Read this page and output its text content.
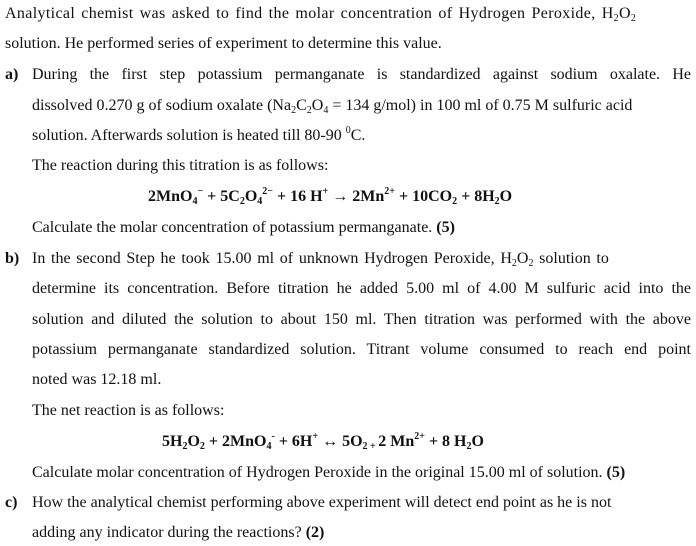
Analytical chemist was asked to find the molar concentration of Hydrogen Peroxide, $H_2O_2$
solution. He performed series of experiment to determine this value.
a) During the first step potassium permanganate is standardized against sodium oxalate. He
dissolved 0.270 g of sodium oxalate ($Na_2C_2O_4 = 134$ g/mol) in 100 ml of 0.75 M sulfuric acid
solution. Afterwards solution is heated till 80-90 $^0$C.
The reaction during this titration is as follows:
$2MnO_4^- + 5C_2O_4^{2-} + 16$ $H^+ \to 2Mn^{2+} + 10CO_2 + 8H_2O$
Calculate the molar concentration of potassium permanganate. (5)
b) In the second Step he took 15.00 ml of unknown Hydrogen Peroxide, $H_2O_2$ solution to
determine its concentration. Before titration he added 5.00 ml of 4.00 M sulfuric acid into the
solution and diluted the solution to about 150 ml. Then titration was performed with the above
potassium permanganate standardized solution. Titrant volume consumed to reach end point
noted was 12.18 ml.
The net reaction is as follows:
$5H_2O_2 + 2MnO_4^- + 6H^+$ ↔ $5O_2$ $_+$ 2 $Mn^{2+} + 8$ $H_2O$
Calculate molar concentration of Hydrogen Peroxide in the original 15.00 ml of solution. (5)
c) How the analytical chemist performing above experiment will detect end point as he is not
adding any indicator during the reactions? (2)
